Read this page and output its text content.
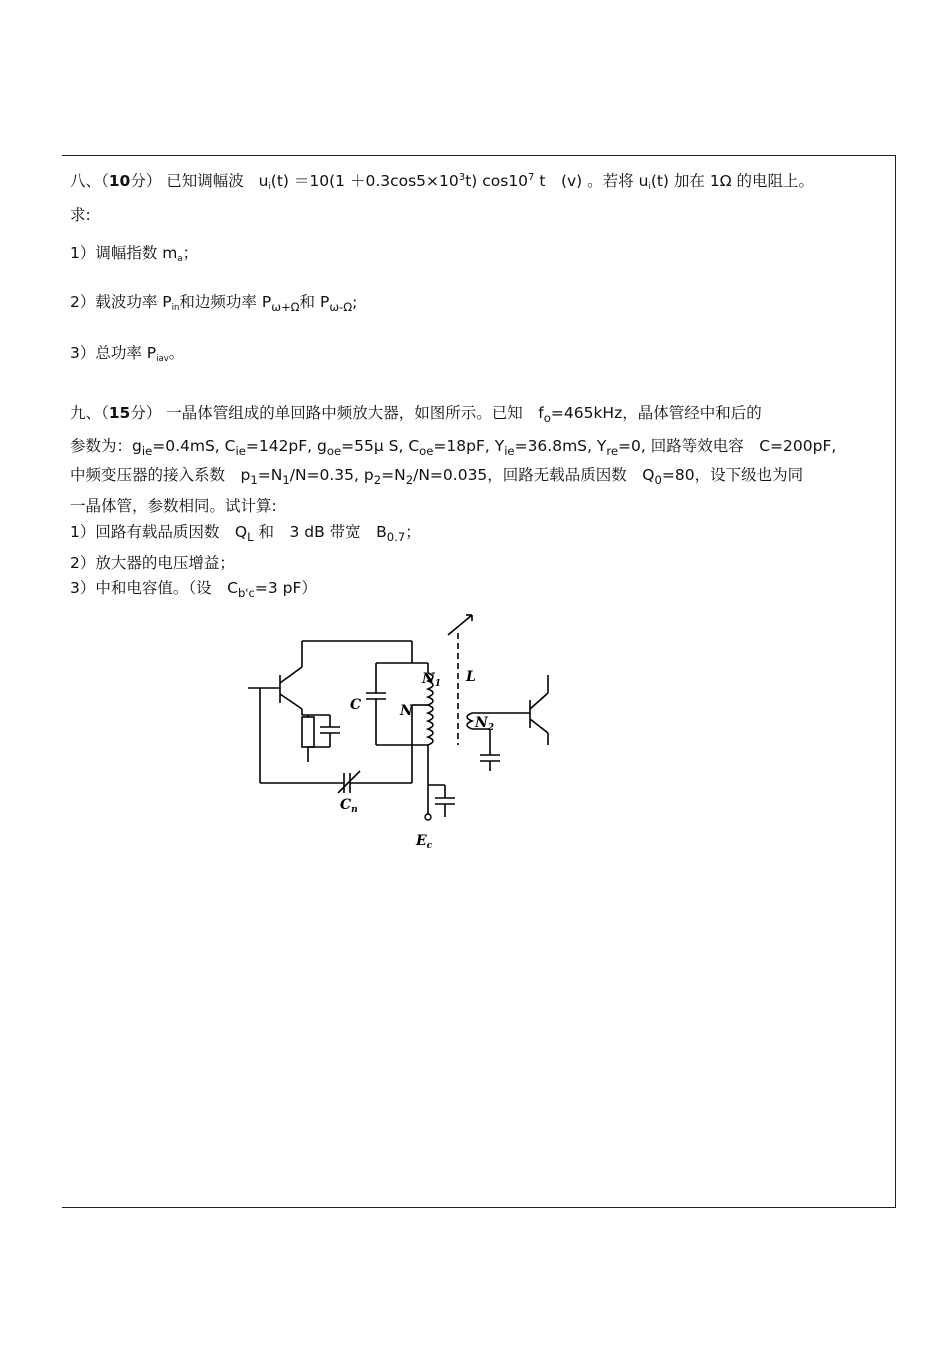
八、（10分） 已知调幅波 $u_i(t) =10(1 +0.3\cos 5\times 10^3t)$ $\cos 10^7$ t　(v) 。若将 $u_i(t)$ 加在 1Ω 的电阻上。
求:
1）调幅指数 $m_a$；
2）载波功率 $P_{in}$和边频功率 $P_{\omega+\Omega}$和 $P_{\omega-\Omega}$;
3）总功率 $P_{iav}$。
九、（15分） 一晶体管组成的单回路中频放大器，如图所示。已知　$f_o=465kHz$，晶体管经中和后的
参数为：$g_{ie}=0.4mS$, $C_{ie}=142pF$, $g_{oe}=55\mu$ S, $C_{oe}=18pF$, $Y_{ie}=36.8mS$, $Y_{re}=0$, 回路等效电容　C=200pF,
中频变压器的接入系数　$p_1=N_1/N=0.35$, $p_2=N_2/N=0.035$，回路无载品质因数　$Q_0=80$，设下级也为同
一晶体管，参数相同。试计算:
1）回路有载品质因数　$Q_L$ 和　3 dB 带宽　$B_{0.7}$；
2）放大器的电压增益；
3）中和电容值。（设　$C_{b'c}=3$ pF）
$N_1$ L
C	N
$N_2$
$C_n$
$E_c$
